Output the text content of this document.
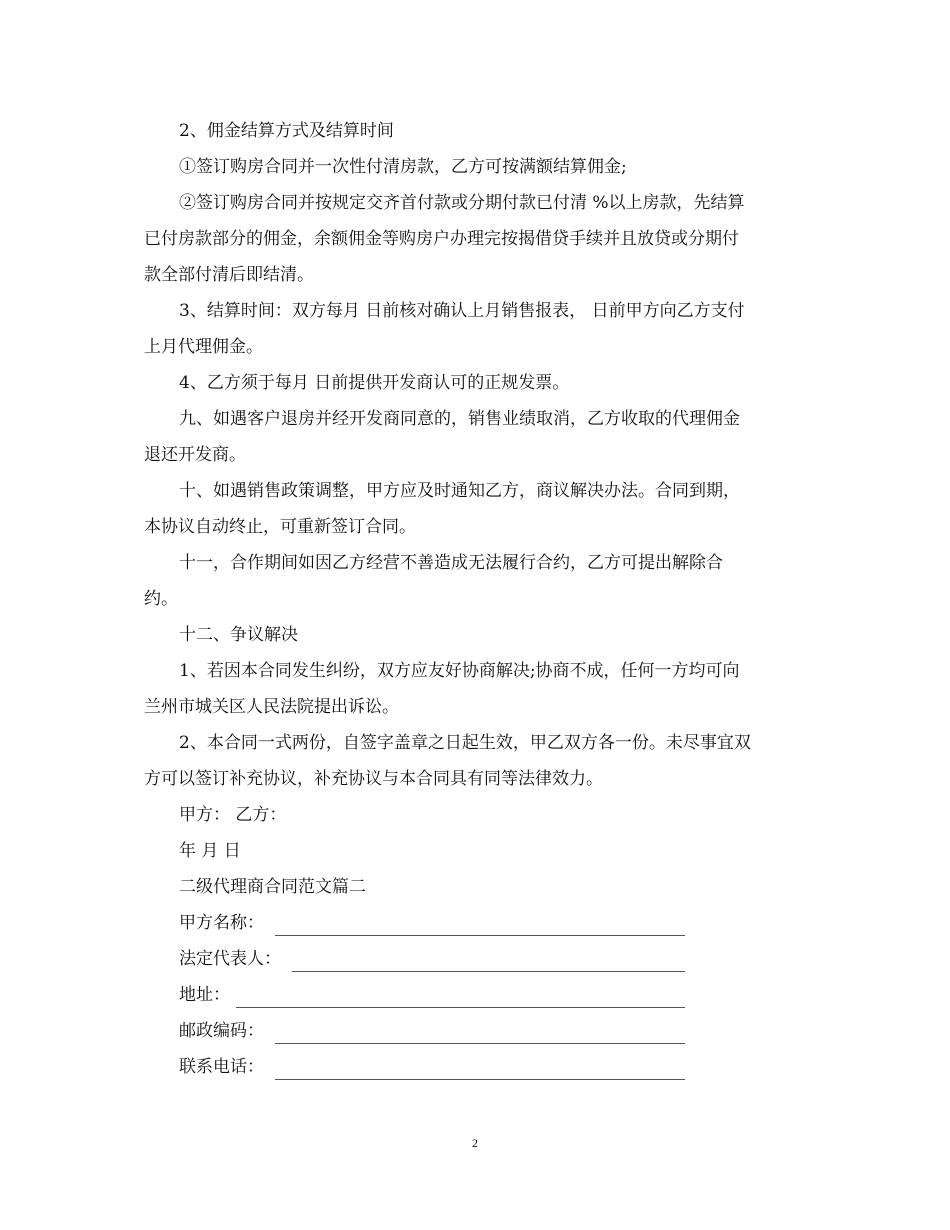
2、佣金结算方式及结算时间
①签订购房合同并一次性付清房款，乙方可按满额结算佣金;
②签订购房合同并按规定交齐首付款或分期付款已付清 %以上房款，先结算
已付房款部分的佣金，余额佣金等购房户办理完按揭借贷手续并且放贷或分期付
款全部付清后即结清。
3、结算时间：双方每月 日前核对确认上月销售报表， 日前甲方向乙方支付
上月代理佣金。
4、乙方须于每月 日前提供开发商认可的正规发票。
九、如遇客户退房并经开发商同意的，销售业绩取消，乙方收取的代理佣金
退还开发商。
十、如遇销售政策调整，甲方应及时通知乙方，商议解决办法。合同到期，
本协议自动终止，可重新签订合同。
十一，合作期间如因乙方经营不善造成无法履行合约，乙方可提出解除合
约。
十二、争议解决
1、若因本合同发生纠纷，双方应友好协商解决;协商不成，任何一方均可向
兰州市城关区人民法院提出诉讼。
2、本合同一式两份，自签字盖章之日起生效，甲乙双方各一份。未尽事宜双
方可以签订补充协议，补充协议与本合同具有同等法律效力。
甲方： 乙方：
年 月 日
二级代理商合同范文篇二
甲方名称：
法定代表人：
地址：
邮政编码：
联系电话：
2
